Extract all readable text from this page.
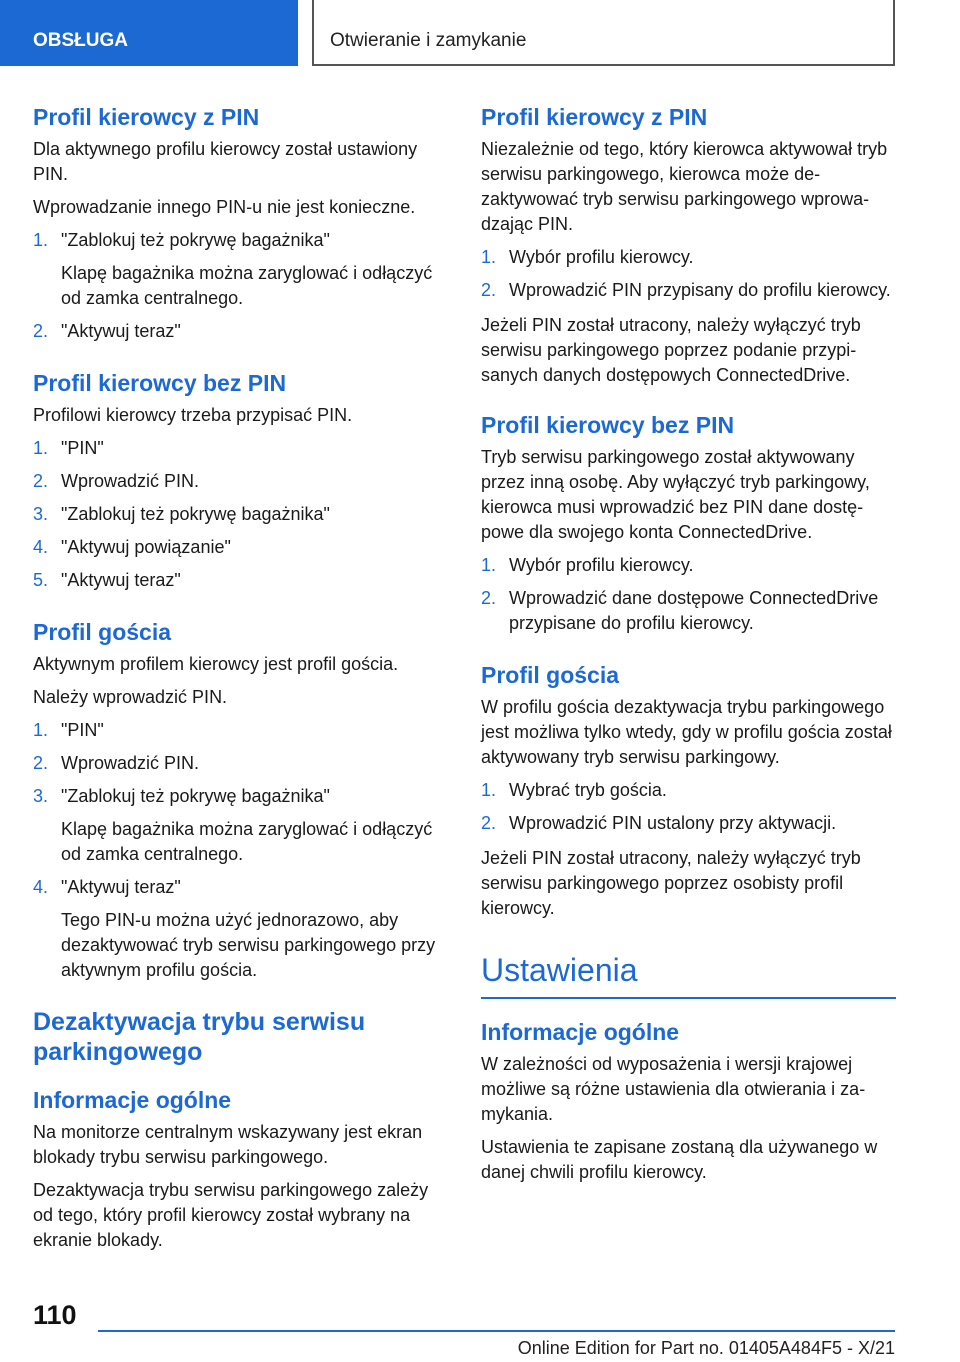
OBSŁUGA	Otwieranie i zamykanie
Profil kierowcy z PIN

Dla aktywnego profilu kierowcy został ustawiony PIN.

Wprowadzanie innego PIN-u nie jest konieczne.

1. "Zablokuj też pokrywę bagażnika"
Klapę bagażnika można zaryglować i odłączyć od zamka centralnego.
2. "Aktywuj teraz"
Profil kierowcy bez PIN

Profilowi kierowcy trzeba przypisać PIN.

1. "PIN"
2. Wprowadzić PIN.
3. "Zablokuj też pokrywę bagażnika"
4. "Aktywuj powiązanie"
5. "Aktywuj teraz"
Profil gościa

Aktywnym profilem kierowcy jest profil gościa.

Należy wprowadzić PIN.

1. "PIN"
2. Wprowadzić PIN.
3. "Zablokuj też pokrywę bagażnika"
Klapę bagażnika można zaryglować i odłączyć od zamka centralnego.
4. "Aktywuj teraz"
Tego PIN-u można użyć jednorazowo, aby dezaktywować tryb serwisu parkingowego przy aktywnym profilu gościa.
Dezaktywacja trybu serwisu parkingowego
Informacje ogólne

Na monitorze centralnym wskazywany jest ekran blokady trybu serwisu parkingowego.

Dezaktywacja trybu serwisu parkingowego zależy od tego, który profil kierowcy został wybrany na ekranie blokady.

Profil kierowcy z PIN

Niezależnie od tego, który kierowca aktywował tryb serwisu parkingowego, kierowca może dezaktywować tryb serwisu parkingowego wprowadzając PIN.

1. Wybór profilu kierowcy.
2. Wprowadzić PIN przypisany do profilu kierowcy.

Jeżeli PIN został utracony, należy wyłączyć tryb serwisu parkingowego poprzez podanie przypisanych danych dostępowych ConnectedDrive.

Profil kierowcy bez PIN

Tryb serwisu parkingowego został aktywowany przez inną osobę. Aby wyłączyć tryb parkingowy, kierowca musi wprowadzić bez PIN dane dostępowe dla swojego konta ConnectedDrive.

1. Wybór profilu kierowcy.
2. Wprowadzić dane dostępowe ConnectedDrive przypisane do profilu kierowcy.
Profil gościa

W profilu gościa dezaktywacja trybu parkingowego jest możliwa tylko wtedy, gdy w profilu gościa został aktywowany tryb serwisu parkingowy.

1. Wybrać tryb gościa.
2. Wprowadzić PIN ustalony przy aktywacji.

Jeżeli PIN został utracony, należy wyłączyć tryb serwisu parkingowego poprzez osobisty profil kierowcy.

Ustawienia
Informacje ogólne

W zależności od wyposażenia i wersji krajowej możliwe są różne ustawienia dla otwierania i zamykania.

Ustawienia te zapisane zostaną dla używanego w danej chwili profilu kierowcy.

110
Online Edition for Part no. 01405A484F5 - X/21
